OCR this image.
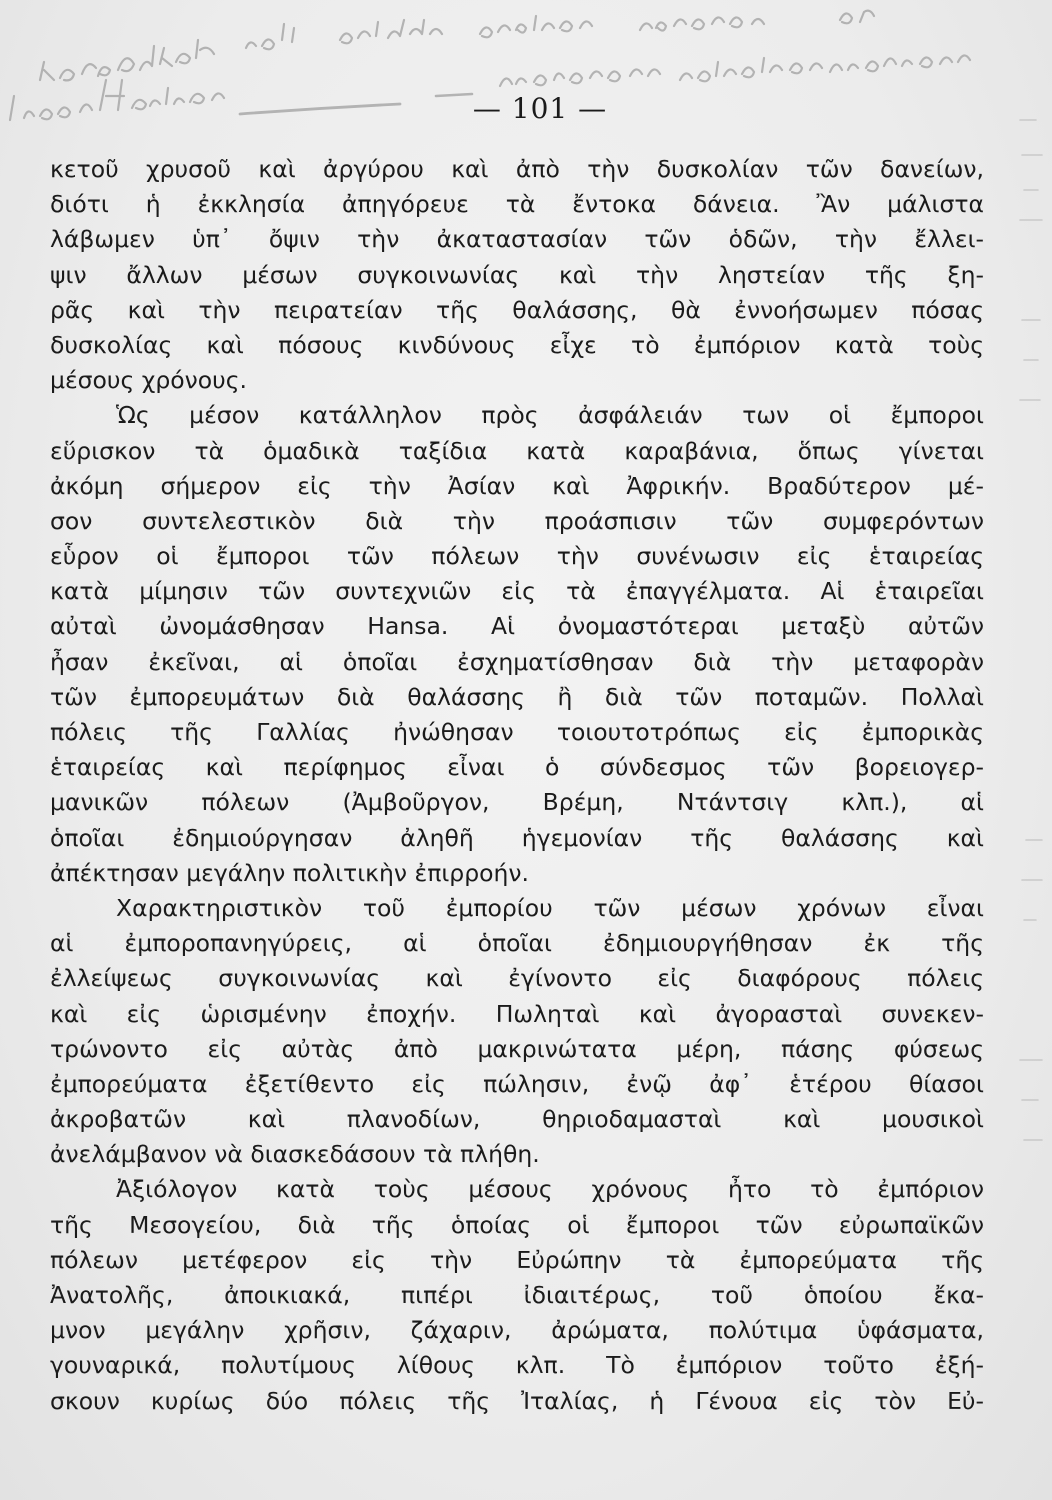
— 101 —
κετοῦ χρυσοῦ καὶ ἀργύρου καὶ ἀπὸ τὴν δυσκολίαν τῶν δανείων,
διότι ἡ ἐκκλησία ἀπηγόρευε τὰ ἔντοκα δάνεια. Ἂν μάλιστα
λάβωμεν ὑπ᾿ ὄψιν τὴν ἀκαταστασίαν τῶν ὁδῶν, τὴν ἔλλει-
ψιν ἄλλων μέσων συγκοινωνίας καὶ τὴν ληστείαν τῆς ξη-
ρᾶς καὶ τὴν πειρατείαν τῆς θαλάσσης, θὰ ἐννοήσωμεν πόσας
δυσκολίας καὶ πόσους κινδύνους εἶχε τὸ ἐμπόριον κατὰ τοὺς
μέσους χρόνους.
Ὡς μέσον κατάλληλον πρὸς ἀσφάλειάν των οἱ ἔμποροι
εὕρισκον τὰ ὁμαδικὰ ταξίδια κατὰ καραβάνια, ὅπως γίνεται
ἀκόμη σήμερον εἰς τὴν Ἀσίαν καὶ Ἀφρικήν. Βραδύτερον μέ-
σον συντελεστικὸν διὰ τὴν προάσπισιν τῶν συμφερόντων
εὗρον οἱ ἔμποροι τῶν πόλεων τὴν συνένωσιν εἰς ἑταιρείας
κατὰ μίμησιν τῶν συντεχνιῶν εἰς τὰ ἐπαγγέλματα. Αἱ ἑταιρεῖαι
αὐταὶ ὠνομάσθησαν Hansa. Αἱ ὀνομαστότεραι μεταξὺ αὐτῶν
ἦσαν ἐκεῖναι, αἱ ὁποῖαι ἐσχηματίσθησαν διὰ τὴν μεταφορὰν
τῶν ἐμπορευμάτων διὰ θαλάσσης ἢ διὰ τῶν ποταμῶν. Πολλαὶ
πόλεις τῆς Γαλλίας ἠνώθησαν τοιουτοτρόπως εἰς ἐμπορικὰς
ἑταιρείας καὶ περίφημος εἶναι ὁ σύνδεσμος τῶν βορειογερ-
μανικῶν πόλεων (Ἀμβοῦργον, Βρέμη, Ντάντσιγ κλπ.), αἱ
ὁποῖαι ἐδημιούργησαν ἀληθῆ ἡγεμονίαν τῆς θαλάσσης καὶ
ἀπέκτησαν μεγάλην πολιτικὴν ἐπιρροήν.
Χαρακτηριστικὸν τοῦ ἐμπορίου τῶν μέσων χρόνων εἶναι
αἱ ἐμποροπανηγύρεις, αἱ ὁποῖαι ἐδημιουργήθησαν ἐκ τῆς
ἐλλείψεως συγκοινωνίας καὶ ἐγίνοντο εἰς διαφόρους πόλεις
καὶ εἰς ὡρισμένην ἐποχήν. Πωληταὶ καὶ ἀγορασταὶ συνεκεν-
τρώνοντο εἰς αὐτὰς ἀπὸ μακρινώτατα μέρη, πάσης φύσεως
ἐμπορεύματα ἐξετίθεντο εἰς πώλησιν, ἐνῷ ἀφ᾿ ἑτέρου θίασοι
ἀκροβατῶν καὶ πλανοδίων, θηριοδαμασταὶ καὶ μουσικοὶ
ἀνελάμβανον νὰ διασκεδάσουν τὰ πλήθη.
Ἀξιόλογον κατὰ τοὺς μέσους χρόνους ἦτο τὸ ἐμπόριον
τῆς Μεσογείου, διὰ τῆς ὁποίας οἱ ἔμποροι τῶν εὐρωπαϊκῶν
πόλεων μετέφερον εἰς τὴν Εὐρώπην τὰ ἐμπορεύματα τῆς
Ἀνατολῆς, ἀποικιακά, πιπέρι ἰδιαιτέρως, τοῦ ὁποίου ἔκα-
μνον μεγάλην χρῆσιν, ζάχαριν, ἀρώματα, πολύτιμα ὑφάσματα,
γουναρικά, πολυτίμους λίθους κλπ. Τὸ ἐμπόριον τοῦτο ἐξή-
σκουν κυρίως δύο πόλεις τῆς Ἰταλίας, ἡ Γένουα εἰς τὸν Εὐ-
